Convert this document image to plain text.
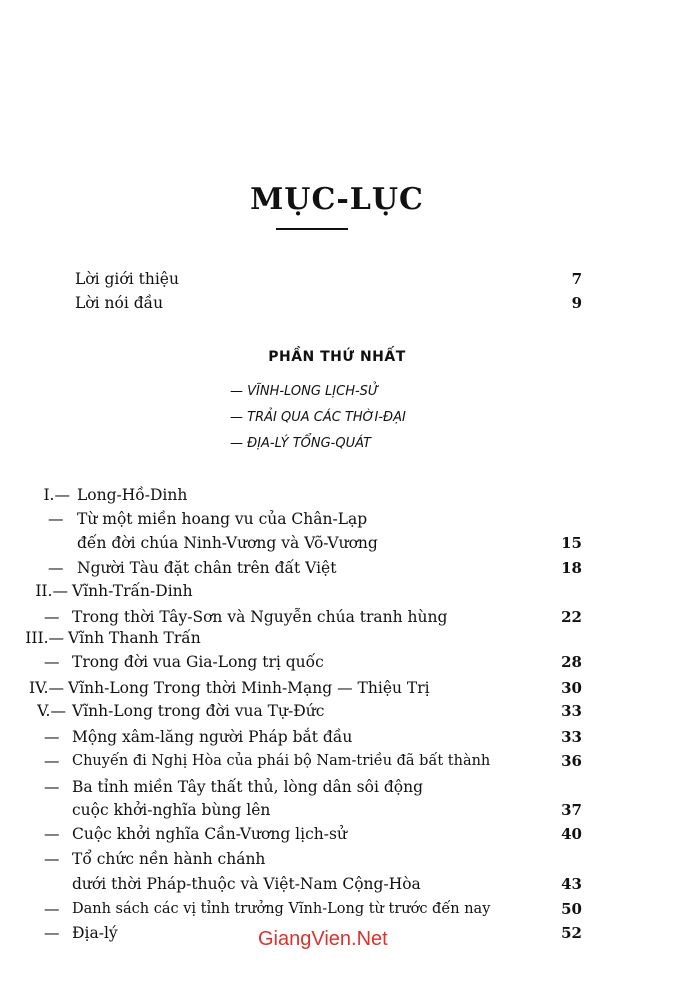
MỤC-LỤC
Lời giới thiệu	7
Lời nói đầu	9
PHẦN THỨ NHẤT
— VĨNH-LONG LỊCH-SỬ
— TRẢI QUA CÁC THỜI-ĐẠI
— ĐỊA-LÝ TỔNG-QUÁT
I.— Long-Hồ-Dinh
— Từ một miền hoang vu của Chân-Lạp
đến đời chúa Ninh-Vương và Võ-Vương	15
— Người Tàu đặt chân trên đất Việt	18
II.— Vĩnh-Trấn-Dinh
— Trong thời Tây-Sơn và Nguyễn chúa tranh hùng	22
III.— Vĩnh Thanh Trấn
— Trong đời vua Gia-Long trị quốc	28
IV.— Vĩnh-Long Trong thời Minh-Mạng — Thiệu Trị	30
V.— Vĩnh-Long trong đời vua Tự-Đức	33
— Mộng xâm-lăng người Pháp bắt đầu	33
— Chuyến đi Nghị Hòa của phái bộ Nam-triều đã bất thành	36
— Ba tỉnh miền Tây thất thủ, lòng dân sôi động
cuộc khởi-nghĩa bùng lên	37
— Cuộc khởi nghĩa Cần-Vương lịch-sử	40
— Tổ chức nền hành chánh
dưới thời Pháp-thuộc và Việt-Nam Cộng-Hòa	43
— Danh sách các vị tỉnh trưởng Vĩnh-Long từ trước đến nay	50
— Địa-lý	52
GiangVien.Net
